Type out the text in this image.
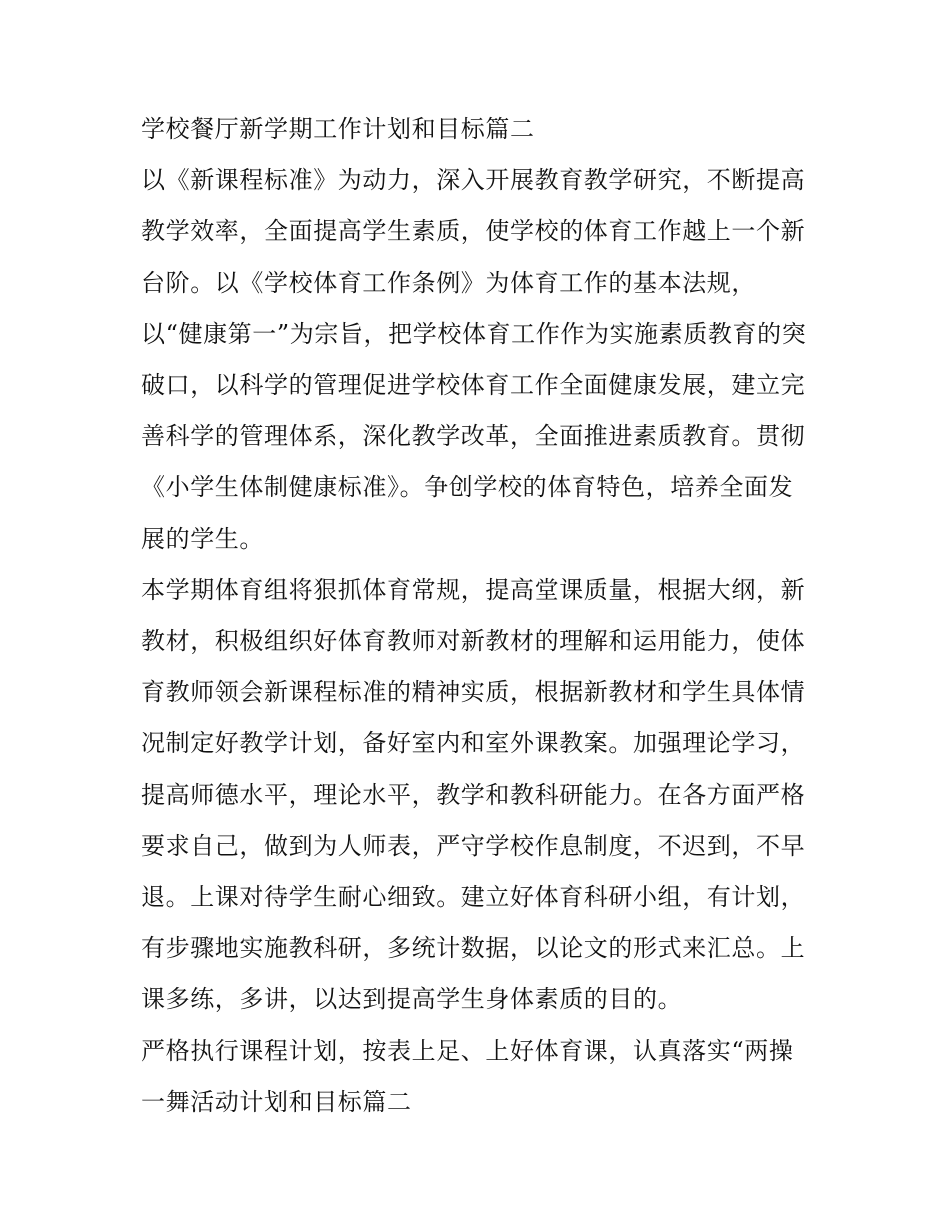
学校餐厅新学期工作计划和目标篇二

以《新课程标准》为动力，深入开展教育教学研究，不断提高
教学效率，全面提高学生素质，使学校的体育工作越上一个新
台阶。以《学校体育工作条例》为体育工作的基本法规，

以“健康第一”为宗旨，把学校体育工作作为实施素质教育的突
破口，以科学的管理促进学校体育工作全面健康发展，建立完
善科学的管理体系，深化教学改革，全面推进素质教育。贯彻
《小学生体制健康标准》。争创学校的体育特色，培养全面发
展的学生。

本学期体育组将狠抓体育常规，提高堂课质量，根据大纲，新
教材，积极组织好体育教师对新教材的理解和运用能力，使体
育教师领会新课程标准的精神实质，根据新教材和学生具体情
况制定好教学计划，备好室内和室外课教案。加强理论学习，
提高师德水平，理论水平，教学和教科研能力。在各方面严格
要求自己，做到为人师表，严守学校作息制度，不迟到，不早
退。上课对待学生耐心细致。建立好体育科研小组，有计划，
有步骤地实施教科研，多统计数据，以论文的形式来汇总。上
课多练，多讲，以达到提高学生身体素质的目的。

严格执行课程计划，按表上足、上好体育课，认真落实“两操
一舞活动计划和目标篇二
